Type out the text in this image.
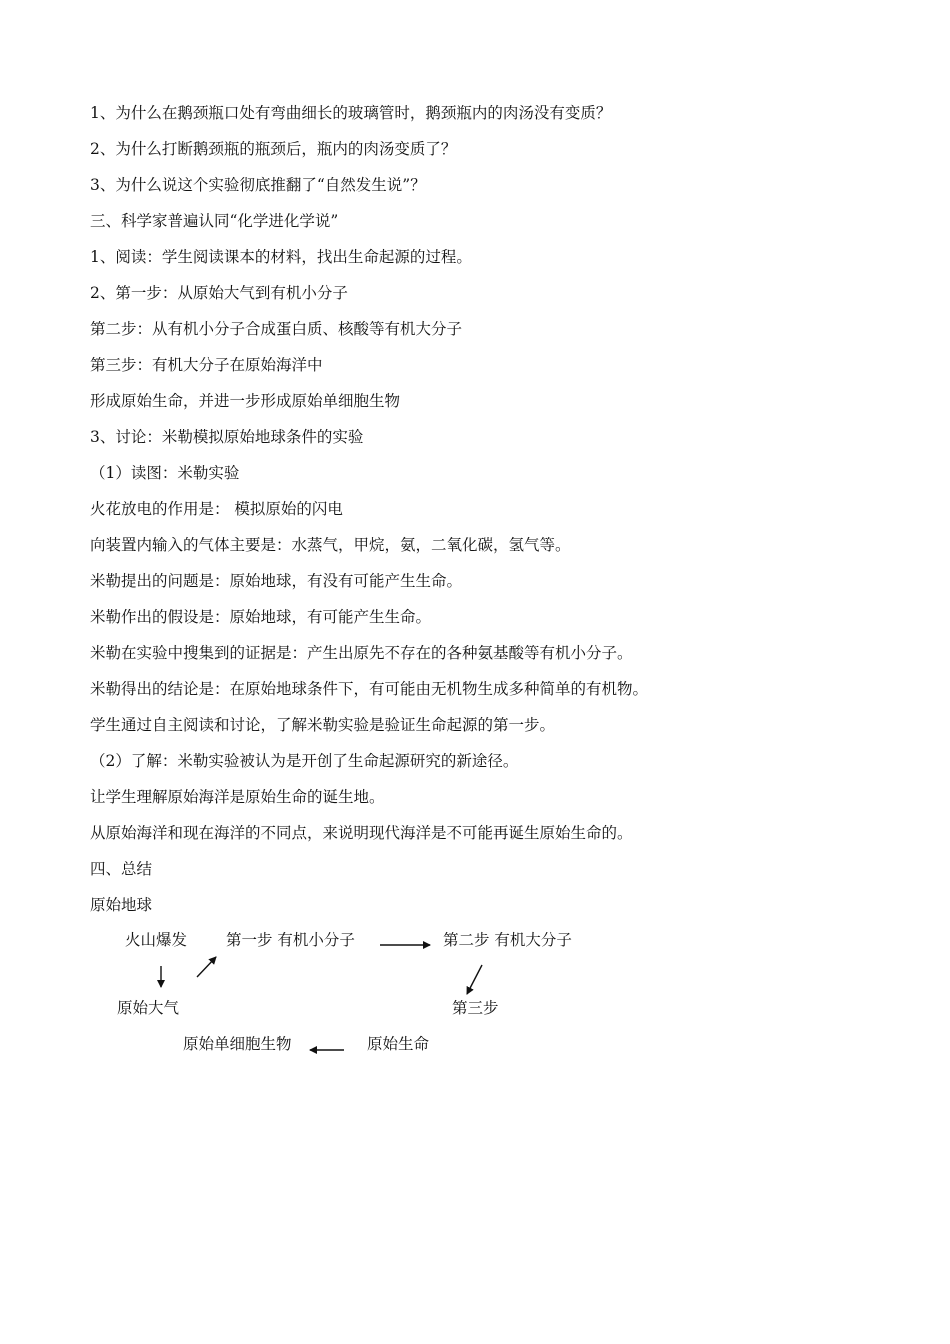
1、为什么在鹅颈瓶口处有弯曲细长的玻璃管时，鹅颈瓶内的肉汤没有变质？
2、为什么打断鹅颈瓶的瓶颈后，瓶内的肉汤变质了？
3、为什么说这个实验彻底推翻了“自然发生说”？
三、科学家普遍认同“化学进化学说”
1、阅读：学生阅读课本的材料，找出生命起源的过程。
2、第一步：从原始大气到有机小分子
第二步：从有机小分子合成蛋白质、核酸等有机大分子
第三步：有机大分子在原始海洋中
形成原始生命，并进一步形成原始单细胞生物
3、讨论：米勒模拟原始地球条件的实验
（1）读图：米勒实验
火花放电的作用是： 模拟原始的闪电
向装置内输入的气体主要是：水蒸气，甲烷，氨，二氧化碳，氢气等。
米勒提出的问题是：原始地球，有没有可能产生生命。
米勒作出的假设是：原始地球，有可能产生生命。
米勒在实验中搜集到的证据是：产生出原先不存在的各种氨基酸等有机小分子。
米勒得出的结论是：在原始地球条件下，有可能由无机物生成多种简单的有机物。
学生通过自主阅读和讨论，了解米勒实验是验证生命起源的第一步。
（2）了解：米勒实验被认为是开创了生命起源研究的新途径。
让学生理解原始海洋是原始生命的诞生地。
从原始海洋和现在海洋的不同点，来说明现代海洋是不可能再诞生原始生命的。
四、总结
原始地球
火山爆发	第一步 有机小分子	第二步 有机大分子
原始大气	第三步
原始单细胞生物	原始生命
